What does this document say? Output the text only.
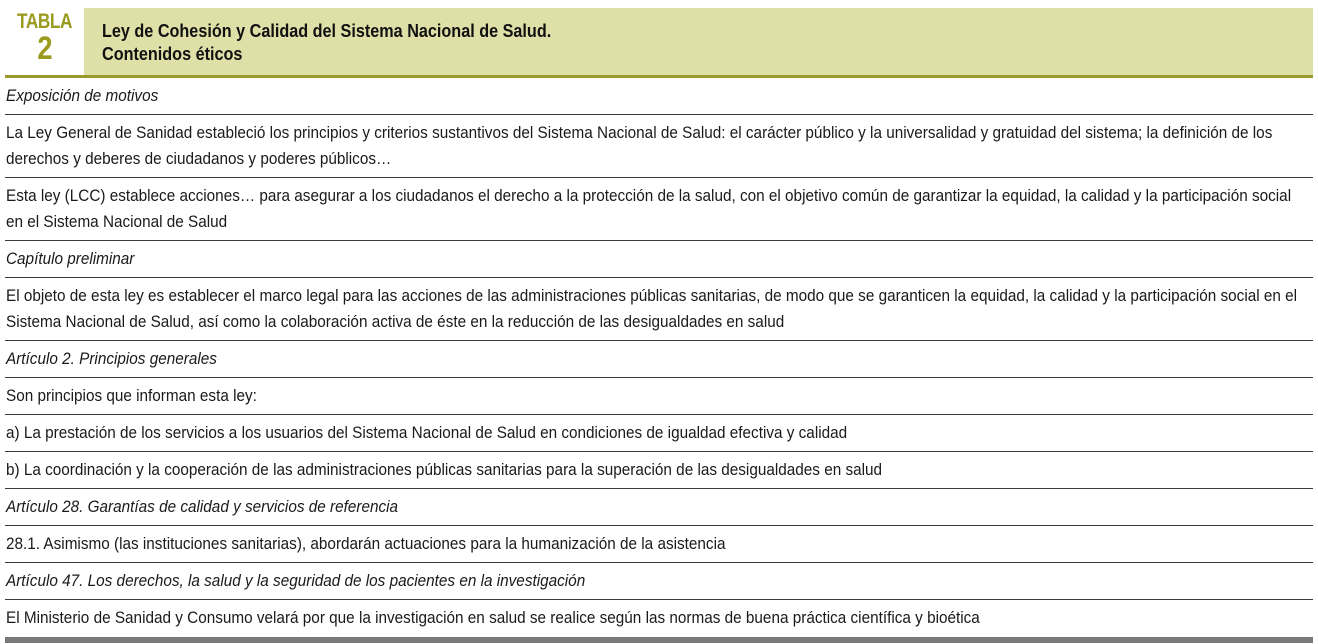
TABLA
2	Ley de Cohesión y Calidad del Sistema Nacional de Salud.
Contenidos éticos
Exposición de motivos
La Ley General de Sanidad estableció los principios y criterios sustantivos del Sistema Nacional de Salud: el carácter público y la universalidad y gratuidad del sistema; la definición de los derechos y deberes de ciudadanos y poderes públicos…
Esta ley (LCC) establece acciones… para asegurar a los ciudadanos el derecho a la protección de la salud, con el objetivo común de garantizar la equidad, la calidad y la participación social en el Sistema Nacional de Salud
Capítulo preliminar
El objeto de esta ley es establecer el marco legal para las acciones de las administraciones públicas sanitarias, de modo que se garanticen la equidad, la calidad y la participación social en el Sistema Nacional de Salud, así como la colaboración activa de éste en la reducción de las desigualdades en salud
Artículo 2. Principios generales
Son principios que informan esta ley:
a) La prestación de los servicios a los usuarios del Sistema Nacional de Salud en condiciones de igualdad efectiva y calidad
b) La coordinación y la cooperación de las administraciones públicas sanitarias para la superación de las desigualdades en salud
Artículo 28. Garantías de calidad y servicios de referencia
28.1. Asimismo (las instituciones sanitarias), abordarán actuaciones para la humanización de la asistencia
Artículo 47. Los derechos, la salud y la seguridad de los pacientes en la investigación
El Ministerio de Sanidad y Consumo velará por que la investigación en salud se realice según las normas de buena práctica científica y bioética
